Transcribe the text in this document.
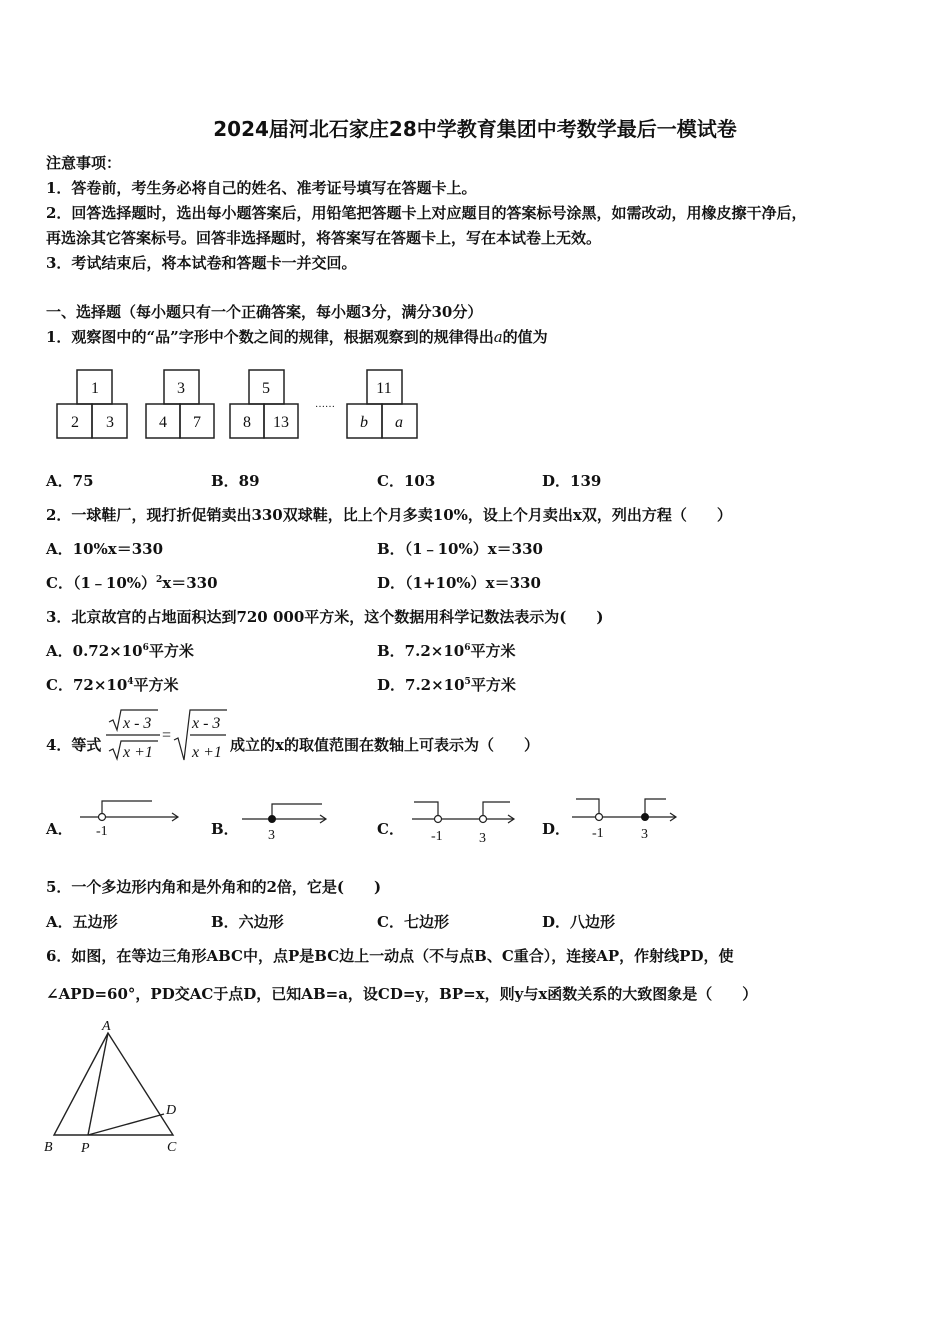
2024届河北石家庄28中学教育集团中考数学最后一模试卷
注意事项：
1．答卷前，考生务必将自己的姓名、准考证号填写在答题卡上。
2．回答选择题时，选出每小题答案后，用铅笔把答题卡上对应题目的答案标号涂黑，如需改动，用橡皮擦干净后，
再选涂其它答案标号。回答非选择题时，将答案写在答题卡上，写在本试卷上无效。
3．考试结束后，将本试卷和答题卡一并交回。
一、选择题（每小题只有一个正确答案，每小题3分，满分30分）
1．观察图中的“品”字形中个数之间的规律，根据观察到的规律得出a的值为
1
2 3
3
4 7
5
8 13
11
b a
……
A．75	B．89	C．103	D．139
2．一球鞋厂，现打折促销卖出330双球鞋，比上个月多卖10%，设上个月卖出x双，列出方程（　　）
A．10%x＝330	B．（1﹣10%）x＝330
C．（1﹣10%）$^2$x＝330	D．（1+10%）x＝330
3．北京故宫的占地面积达到720 000平方米，这个数据用科学记数法表示为(　　)
A．$0.72\times 10^6$平方米	B．$7.2\times 10^6$平方米
C．$72\times 10^4$平方米	D．$7.2\times 10^5$平方米
4．等式
x - 3
x +1
x - 3
x +1
=
成立的x的取值范围在数轴上可表示为（　　）
A． -1	B． 3	C． -1	3
D． -1	3
5．一个多边形内角和是外角和的2倍，它是(　　)
A．五边形	B．六边形	C．七边形	D．八边形
6．如图，在等边三角形ABC中，点P是BC边上一动点（不与点B、C重合），连接AP，作射线PD，使
∠APD=60°，PD交AC于点D，已知AB=a，设CD=y，BP=x，则y与x函数关系的大致图象是（　　）
A
B	C
D
P
